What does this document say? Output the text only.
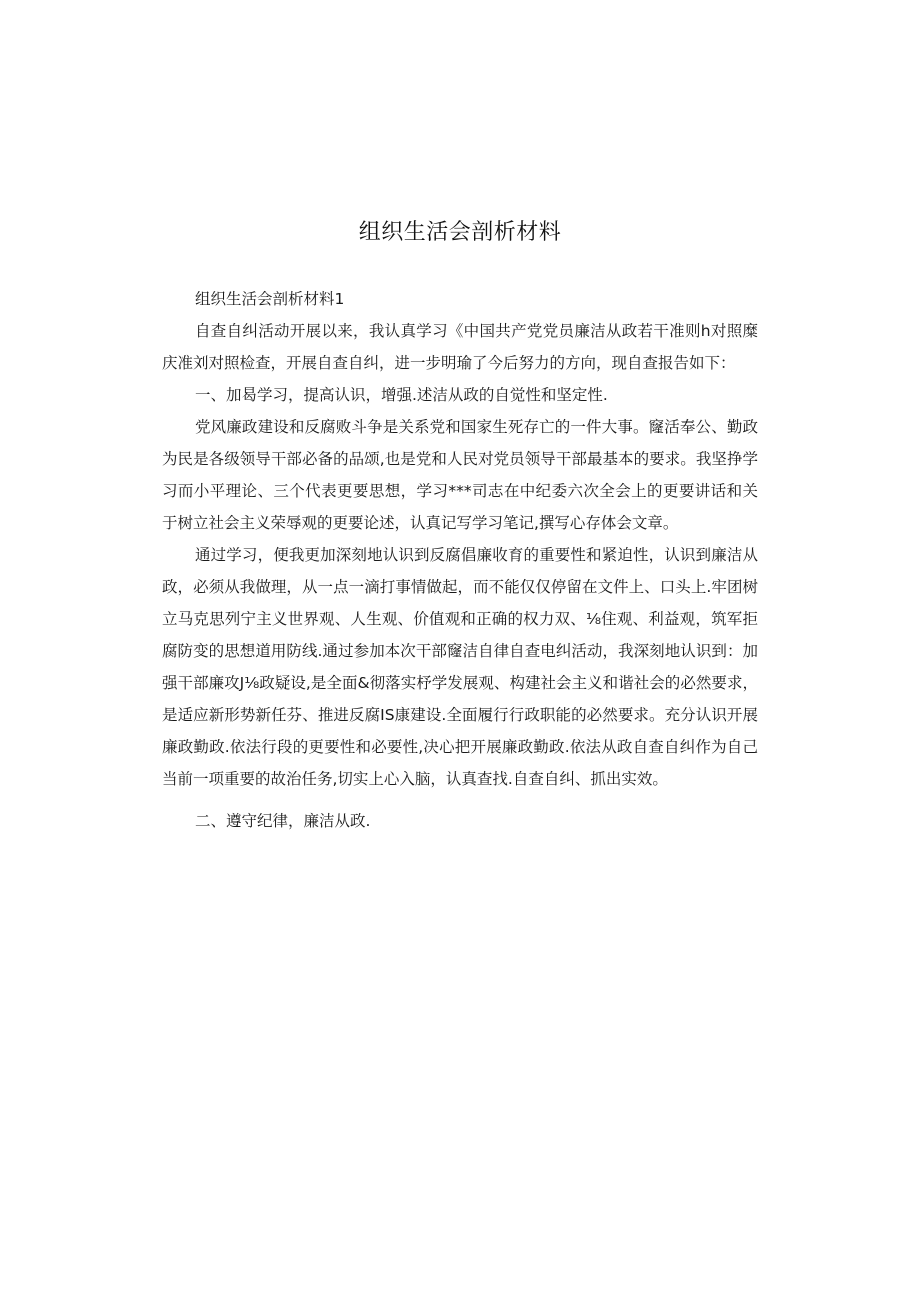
组织生活会剖析材料

组织生活会剖析材料1

自查自纠活动开展以来，我认真学习《中国共产党党员廉洁从政若干准则h对照糜庆准刘对照检查，开展自查自纠，进一步明瑜了今后努力的方向，现自查报告如下：

一、加曷学习，提高认识，增强.述洁从政的自觉性和坚定性.

党风廉政建设和反腐败斗争是关系党和国家生死存亡的一件大事。窿活奉公、勤政为民是各级领导干部必备的品颂,也是党和人民对党员领导干部最基本的要求。我坚挣学习而小平理论、三个代表更要思想，学习***司志在中纪委六次全会上的更要讲话和关于树立社会主义荣辱观的更要论述，认真记写学习笔记,撰写心存体会文章。

通过学习，便我更加深刻地认识到反腐倡廉收育的重要性和紧迫性，认识到廉洁从政，必须从我做理，从一点一滴打事情做起，而不能仅仅停留在文件上、口头上.牢团树立马克思列宁主义世界观、人生观、价值观和正确的权力双、⅛住观、利益观，筑军拒腐防变的思想道用防线.通过参加本次干部窿洁自律自查电纠活动，我深刻地认识到：加强干部廉攻J⅛政疑设,是全面&彻落实杼学发展观、构建社会主义和谐社会的必然要求，是适应新形势新任芬、推进反腐IS康建设.全面履行行政职能的必然要求。充分认识开展廉政勤政.依法行段的更要性和必要性,决心把开展廉政勤政.依法从政自查自纠作为自己当前一项重要的故治任务,切实上心入脑，认真查找.自查自纠、抓出实效。

二、遵守纪律，廉洁从政.
